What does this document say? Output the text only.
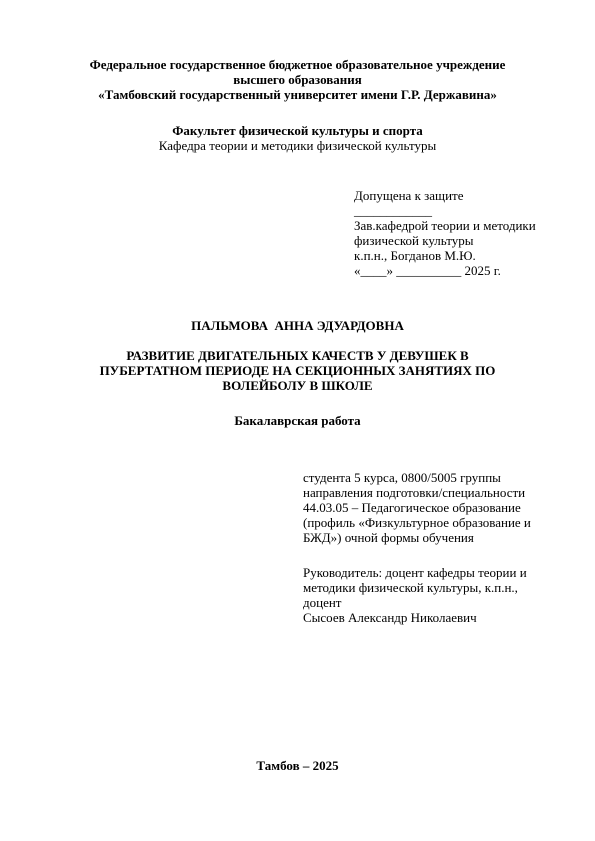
Федеральное государственное бюджетное образовательное учреждение
высшего образования
«Тамбовский государственный университет имени Г.Р. Державина»
Факультет физической культуры и спорта
Кафедра теории и методики физической культуры
Допущена к защите
____________
Зав.кафедрой теории и методики
физической культуры
к.п.н., Богданов М.Ю.
«____» __________ 2025 г.
ПАЛЬМОВА  АННА ЭДУАРДОВНА
РАЗВИТИЕ ДВИГАТЕЛЬНЫХ КАЧЕСТВ У ДЕВУШЕК В
ПУБЕРТАТНОМ ПЕРИОДЕ НА СЕКЦИОННЫХ ЗАНЯТИЯХ ПО
ВОЛЕЙБОЛУ В ШКОЛЕ
Бакалаврская работа
студента 5 курса, 0800/5005 группы
направления подготовки/специальности
44.03.05 – Педагогическое образование
(профиль «Физкультурное образование и
БЖД») очной формы обучения
Руководитель: доцент кафедры теории и
методики физической культуры, к.п.н.,
доцент
Сысоев Александр Николаевич
Тамбов – 2025
